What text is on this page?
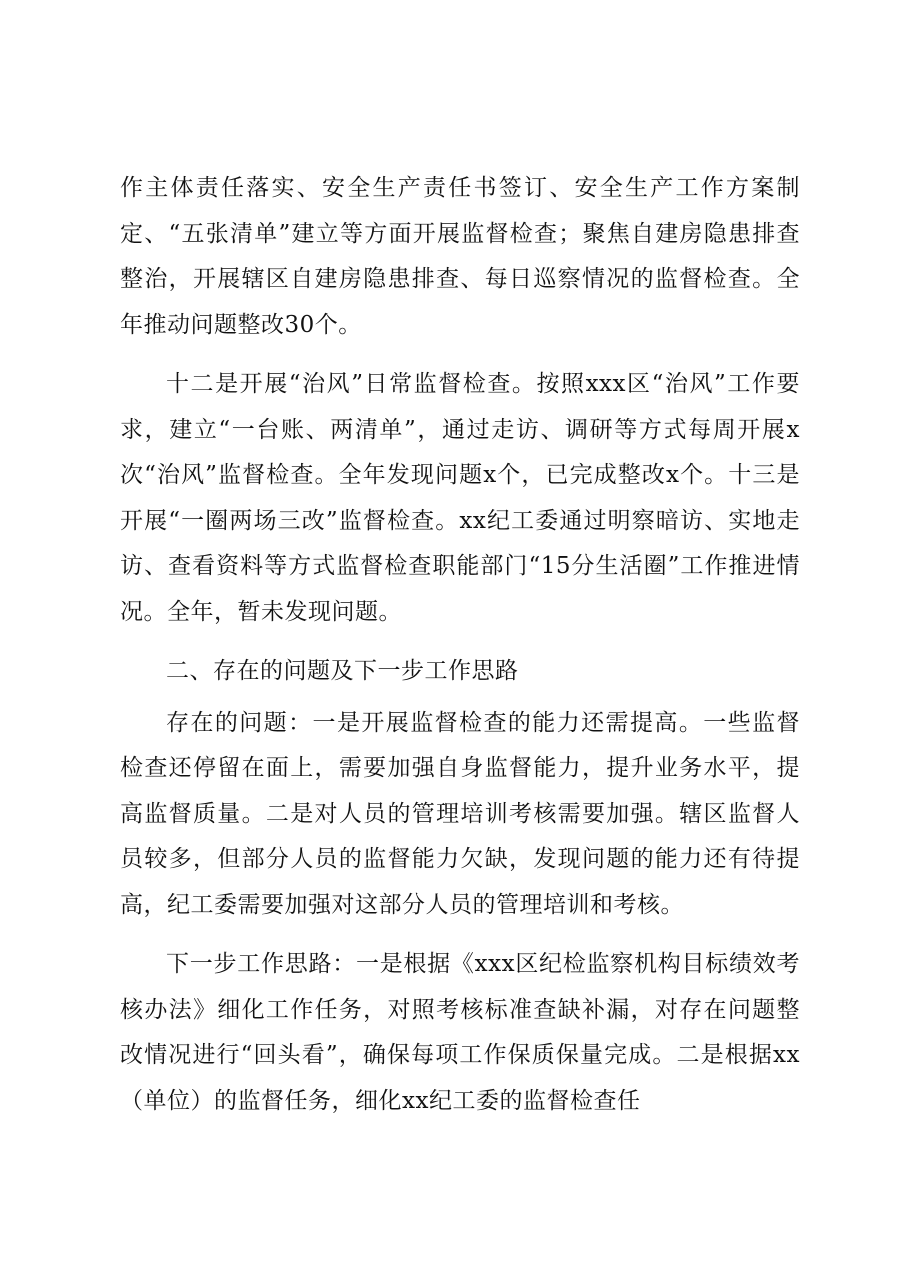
作主体责任落实、安全生产责任书签订、安全生产工作方案制定、“五张清单”建立等方面开展监督检查；聚焦自建房隐患排查整治，开展辖区自建房隐患排查、每日巡察情况的监督检查。全年推动问题整改30个。

十二是开展“治风”日常监督检查。按照xxx区“治风”工作要求，建立“一台账、两清单”，通过走访、调研等方式每周开展x次“治风”监督检查。全年发现问题x个，已完成整改x个。十三是开展“一圈两场三改”监督检查。xx纪工委通过明察暗访、实地走访、查看资料等方式监督检查职能部门“15分生活圈”工作推进情况。全年，暂未发现问题。

二、存在的问题及下一步工作思路

存在的问题：一是开展监督检查的能力还需提高。一些监督检查还停留在面上，需要加强自身监督能力，提升业务水平，提高监督质量。二是对人员的管理培训考核需要加强。辖区监督人员较多，但部分人员的监督能力欠缺，发现问题的能力还有待提高，纪工委需要加强对这部分人员的管理培训和考核。

下一步工作思路：一是根据《xxx区纪检监察机构目标绩效考核办法》细化工作任务，对照考核标准查缺补漏，对存在问题整改情况进行“回头看”，确保每项工作保质保量完成。二是根据xx（单位）的监督任务，细化xx纪工委的监督检查任
